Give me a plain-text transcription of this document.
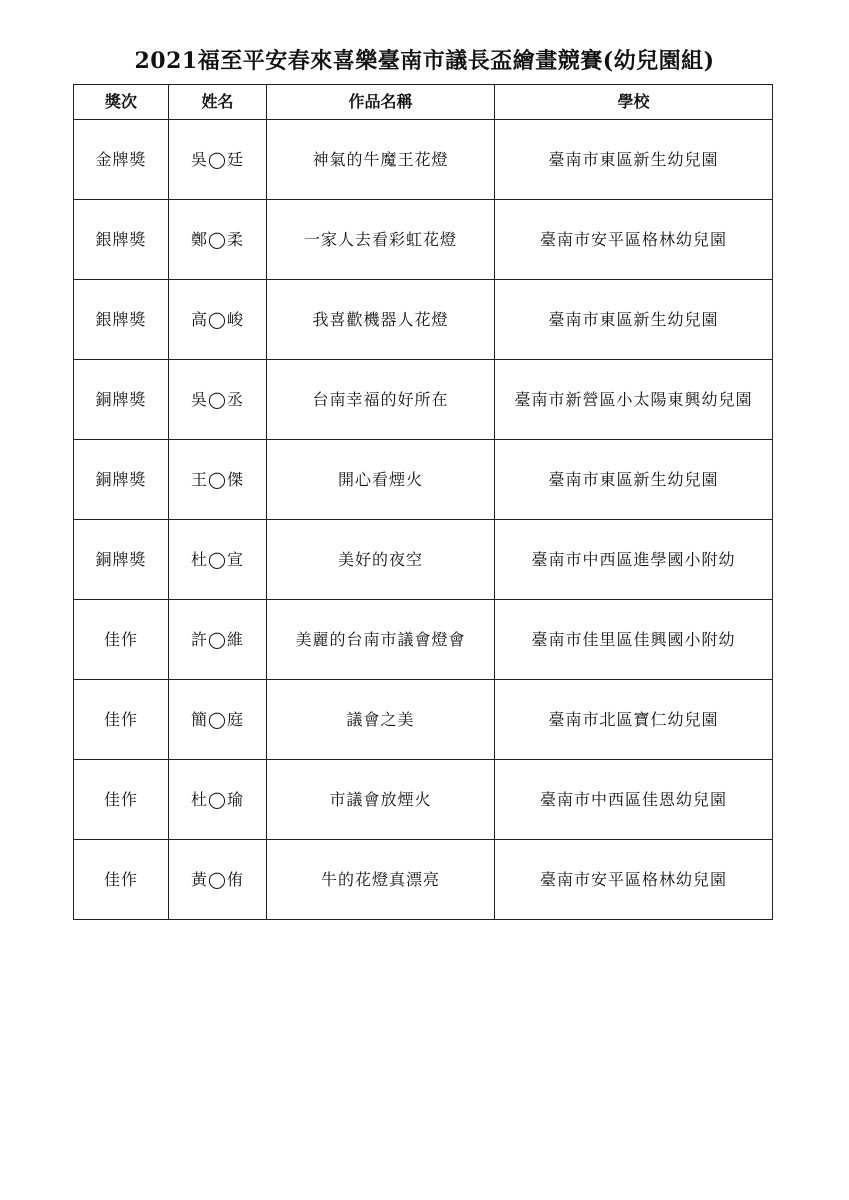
2021福至平安春來喜樂臺南市議長盃繪畫競賽(幼兒園組)
獎次	姓名	作品名稱	學校
金牌獎	吳◯廷	神氣的牛魔王花燈	臺南市東區新生幼兒園
銀牌獎	鄭◯柔	一家人去看彩虹花燈	臺南市安平區格林幼兒園
銀牌獎	高◯峻	我喜歡機器人花燈	臺南市東區新生幼兒園
銅牌獎	吳◯丞	台南幸福的好所在	臺南市新營區小太陽東興幼兒園
銅牌獎	王◯傑	開心看煙火	臺南市東區新生幼兒園
銅牌獎	杜◯宣	美好的夜空	臺南市中西區進學國小附幼
佳作	許◯維	美麗的台南市議會燈會	臺南市佳里區佳興國小附幼
佳作	簡◯庭	議會之美	臺南市北區寶仁幼兒園
佳作	杜◯瑜	市議會放煙火	臺南市中西區佳恩幼兒園
佳作	黃◯侑	牛的花燈真漂亮	臺南市安平區格林幼兒園
